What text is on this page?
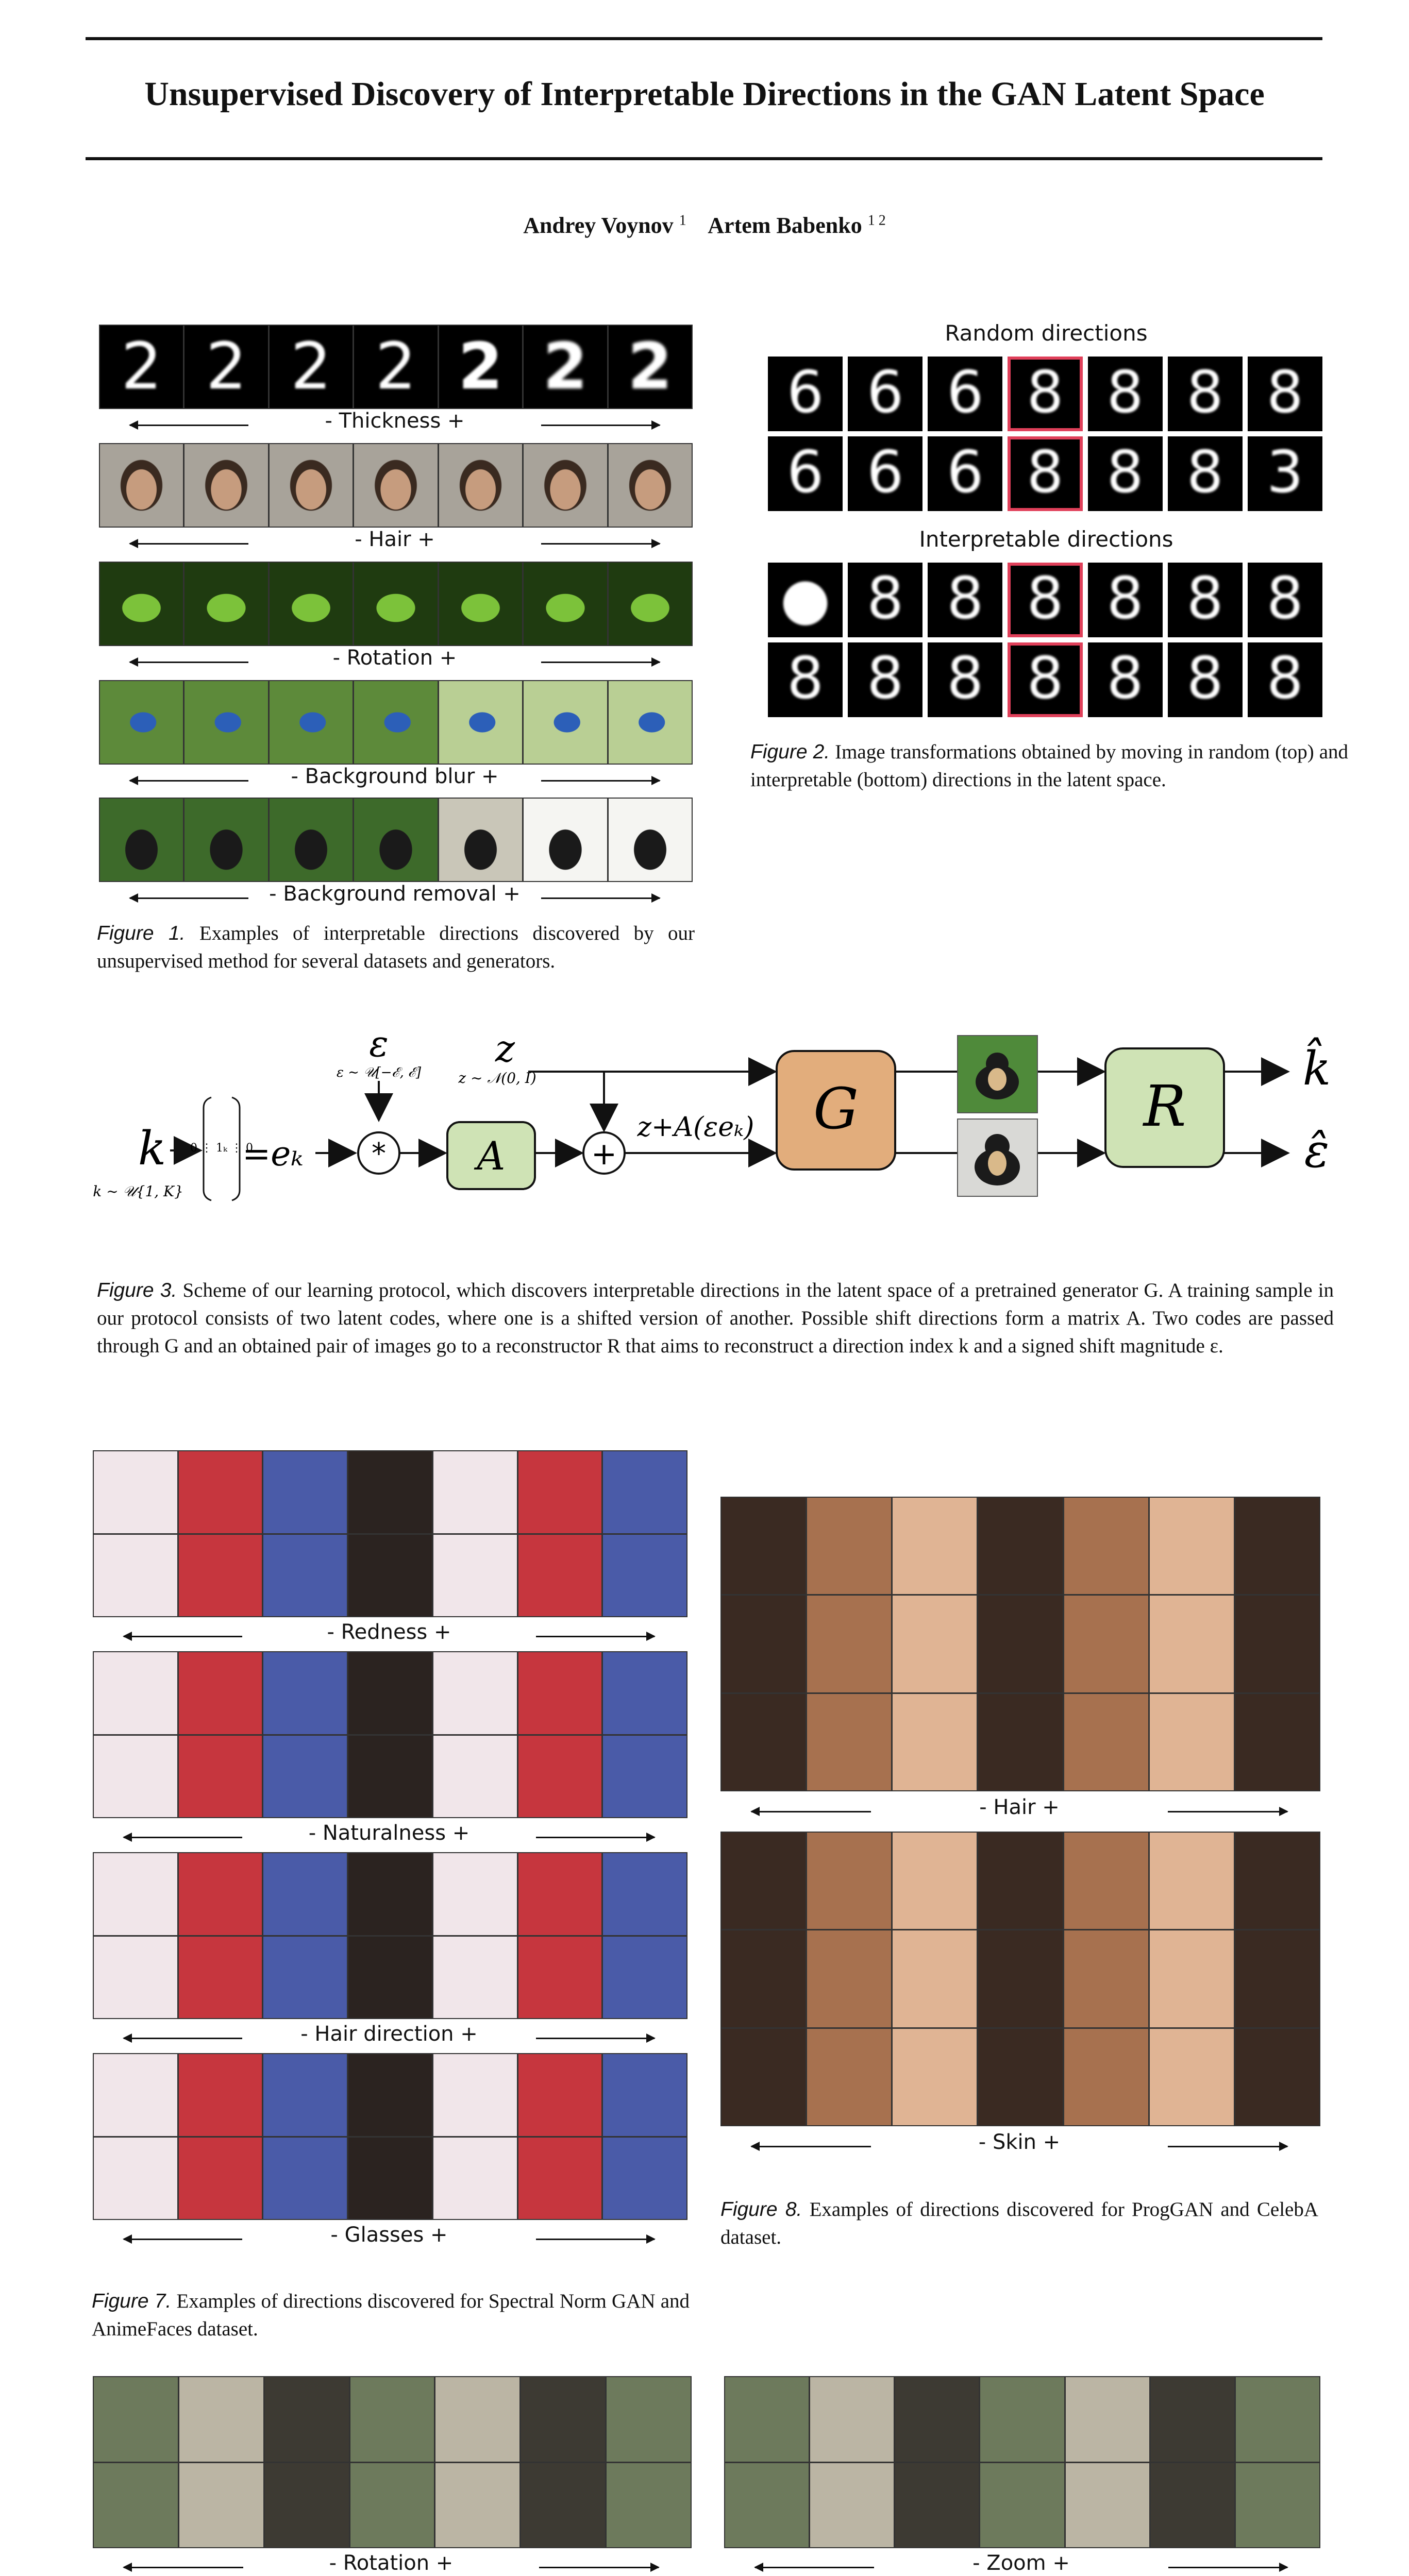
Unsupervised Discovery of Interpretable Directions in the GAN Latent Space
Andrey Voynov $^1$ Artem Babenko $^{1 2}$
2 2 2 2 2 2 2
- Thickness +
- Hair +
- Rotation +
- Background blur +
- Background removal +
Figure 1. Examples of interpretable directions discovered by our unsupervised method for several datasets and generators.
Random directions
Interpretable directions
6 6 6 8 8 8 8
6 6 6 8 8 8 3
● 8 8 8 8 8 8
8 8 8 8 8 8 8
Figure 2. Image transformations obtained by moving in random (top) and interpretable (bottom) directions in the latent space.
ε
ε ∼ 𝒰[−ℰ, ℰ]
z
z ∼ 𝒩(0, I)
k
k ∼ 𝒰{1, K}
0 ⋮ 1ₖ ⋮ 0
=eₖ * A	+
z+A(εeₖ) G	R
k̂
ε̂
Figure 3. Scheme of our learning protocol, which discovers interpretable directions in the latent space of a pretrained generator G. A training sample in our protocol consists of two latent codes, where one is a shifted version of another. Possible shift directions form a matrix A. Two codes are passed through G and an obtained pair of images go to a reconstructor R that aims to reconstruct a direction index k and a signed shift magnitude ε.
- Redness +
- Naturalness +
- Hair direction +
- Glasses +
Figure 7. Examples of directions discovered for Spectral Norm GAN and AnimeFaces dataset.
- Hair +
- Skin +
Figure 8. Examples of directions discovered for ProgGAN and CelebA dataset.
- Rotation +	- Zoom +
